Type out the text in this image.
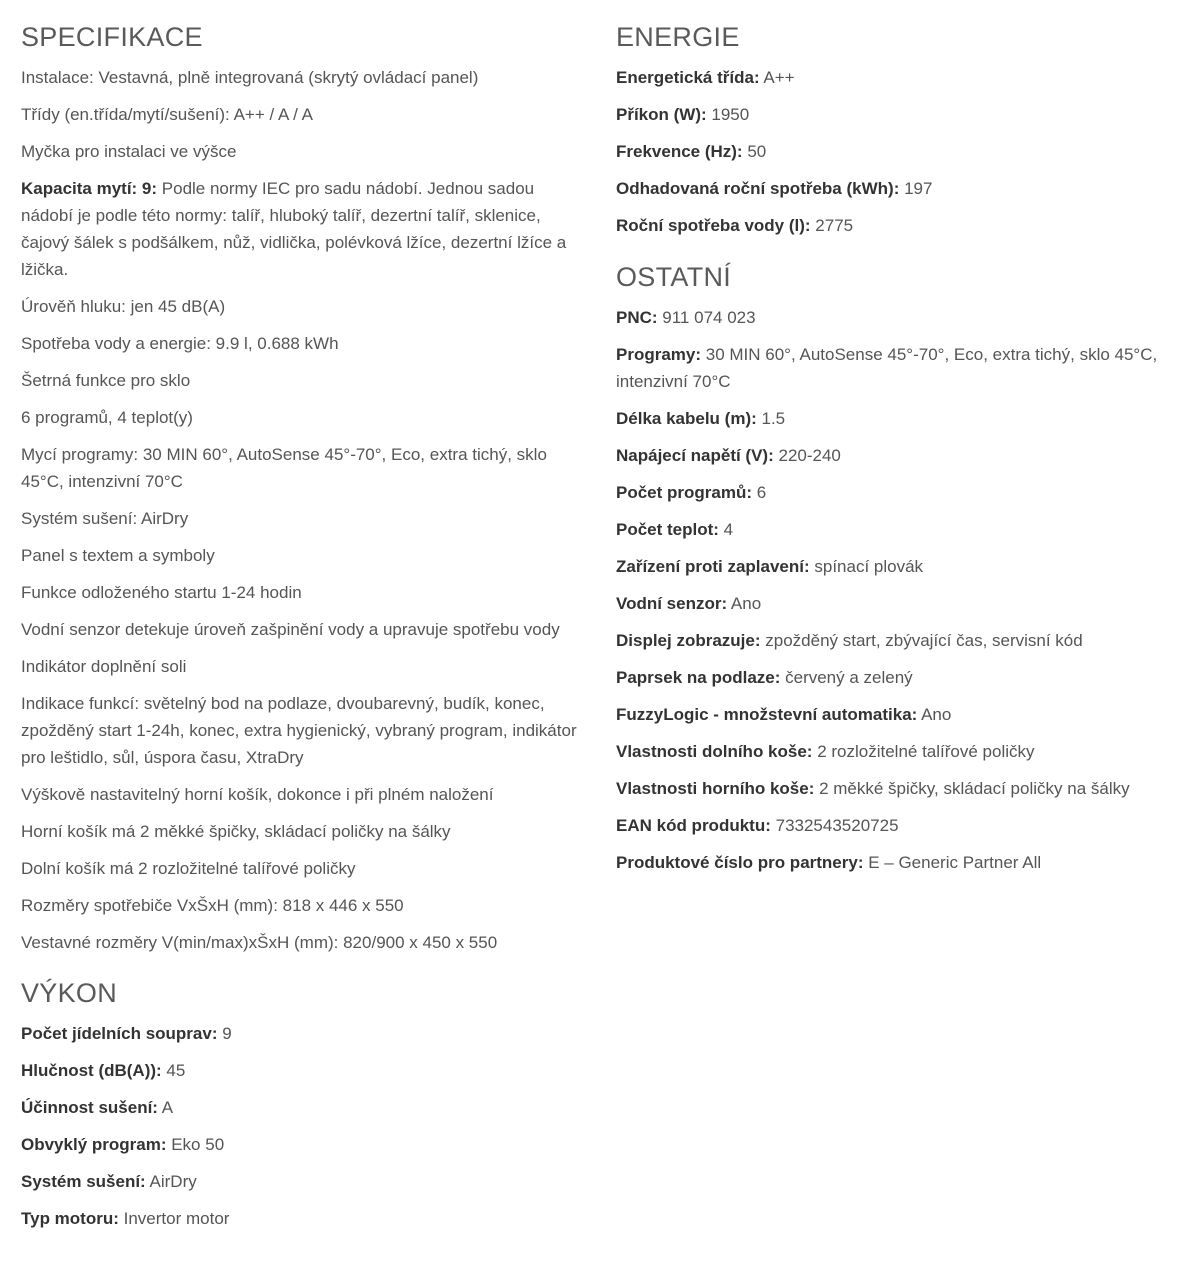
SPECIFIKACE
Instalace: Vestavná, plně integrovaná (skrytý ovládací panel)
Třídy (en.třída/mytí/sušení): A++ / A / A
Myčka pro instalaci ve výšce
Kapacita mytí: 9: Podle normy IEC pro sadu nádobí. Jednou sadou nádobí je podle této normy: talíř, hluboký talíř, dezertní talíř, sklenice, čajový šálek s podšálkem, nůž, vidlička, polévková lžíce, dezertní lžíce a lžička.
Úrověň hluku: jen 45 dB(A)
Spotřeba vody a energie: 9.9 l, 0.688 kWh
Šetrná funkce pro sklo
6 programů, 4 teplot(y)
Mycí programy: 30 MIN 60°, AutoSense 45°-70°, Eco, extra tichý, sklo 45°C, intenzivní 70°C
Systém sušení: AirDry
Panel s textem a symboly
Funkce odloženého startu 1-24 hodin
Vodní senzor detekuje úroveň zašpinění vody a upravuje spotřebu vody
Indikátor doplnění soli
Indikace funkcí: světelný bod na podlaze, dvoubarevný, budík, konec, zpožděný start 1-24h, konec, extra hygienický, vybraný program, indikátor pro leštidlo, sůl, úspora času, XtraDry
Výškově nastavitelný horní košík, dokonce i při plném naložení
Horní košík má 2 měkké špičky, skládací poličky na šálky
Dolní košík má 2 rozložitelné talířové poličky
Rozměry spotřebiče VxŠxH (mm): 818 x 446 x 550
Vestavné rozměry V(min/max)xŠxH (mm): 820/900 x 450 x 550
VÝKON
Počet jídelních souprav: 9
Hlučnost (dB(A)): 45
Účinnost sušení: A
Obvyklý program: Eko 50
Systém sušení: AirDry
Typ motoru: Invertor motor
ENERGIE
Energetická třída: A++
Příkon (W): 1950
Frekvence (Hz): 50
Odhadovaná roční spotřeba (kWh): 197
Roční spotřeba vody (l): 2775
OSTATNÍ
PNC: 911 074 023
Programy: 30 MIN 60°, AutoSense 45°-70°, Eco, extra tichý, sklo 45°C, intenzivní 70°C
Délka kabelu (m): 1.5
Napájecí napětí (V): 220-240
Počet programů: 6
Počet teplot: 4
Zařízení proti zaplavení: spínací plovák
Vodní senzor: Ano
Displej zobrazuje: zpožděný start, zbývající čas, servisní kód
Paprsek na podlaze: červený a zelený
FuzzyLogic - množstevní automatika: Ano
Vlastnosti dolního koše: 2 rozložitelné talířové poličky
Vlastnosti horního koše: 2 měkké špičky, skládací poličky na šálky
EAN kód produktu: 7332543520725
Produktové číslo pro partnery: E – Generic Partner All
